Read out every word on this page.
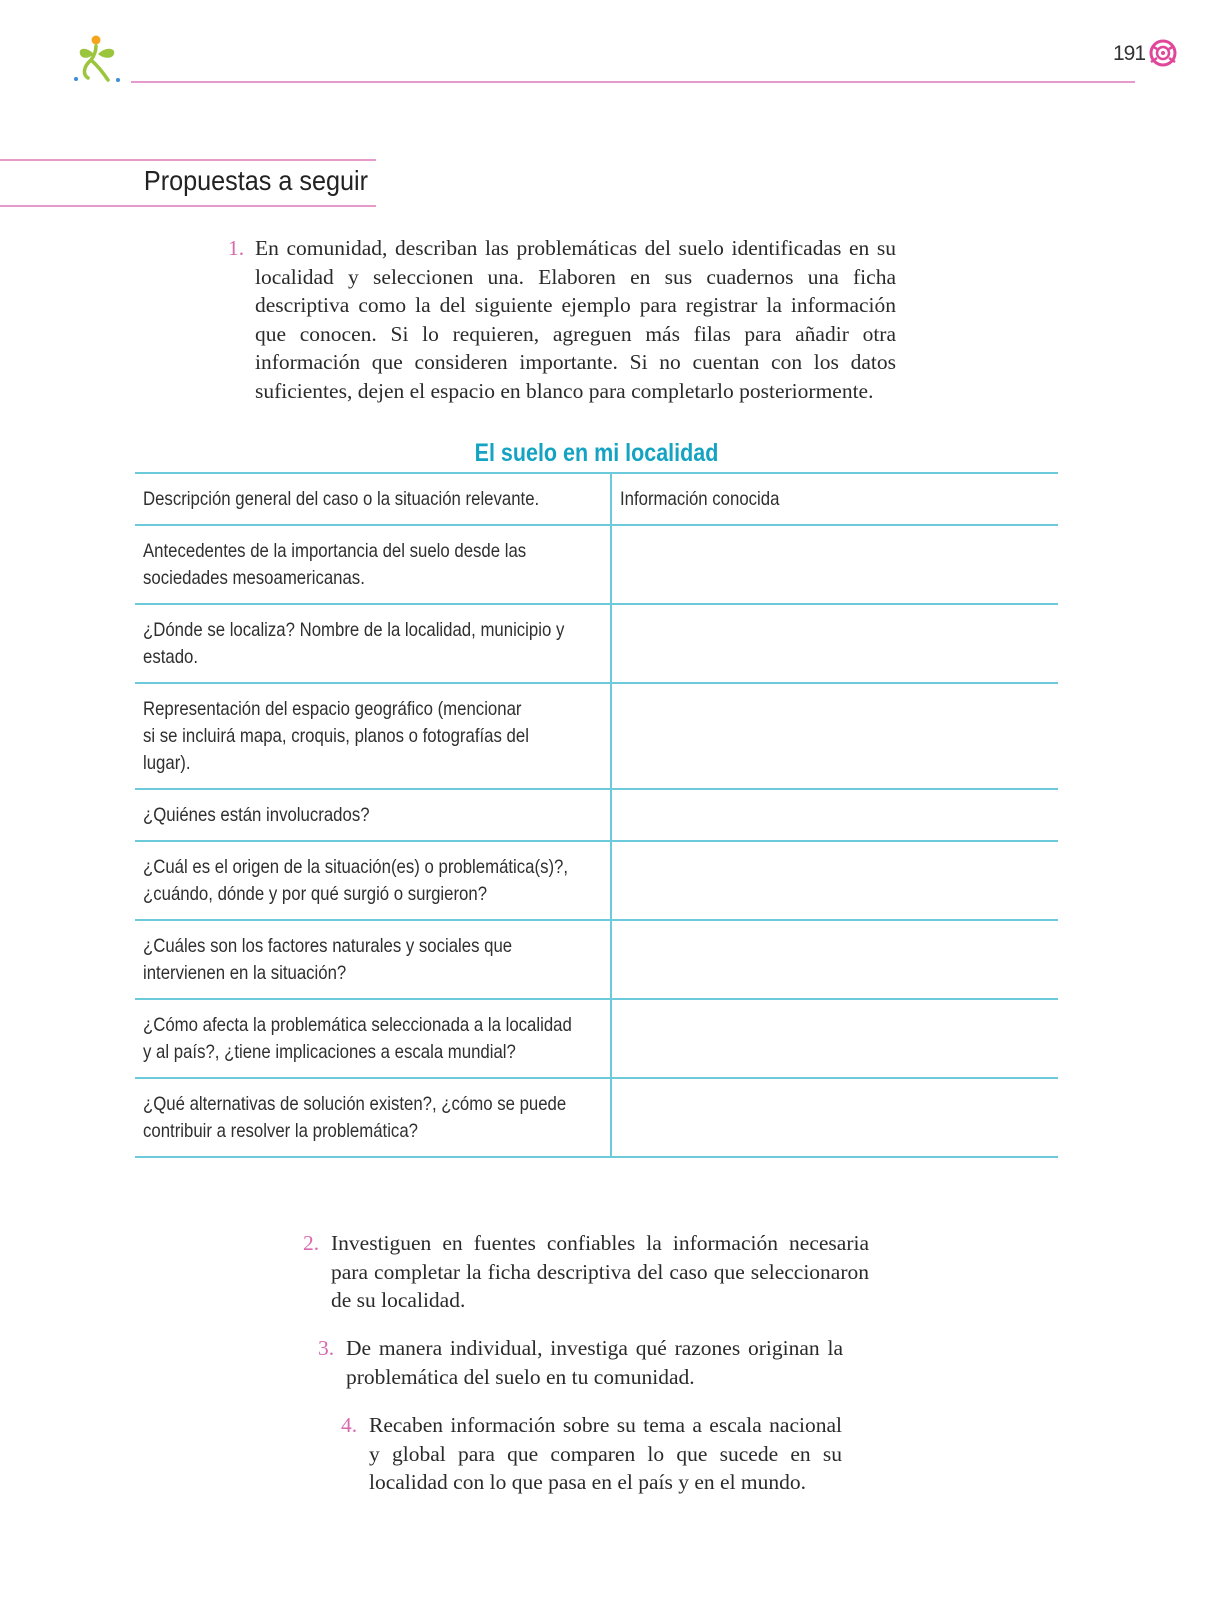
191
Propuestas a seguir
1. En comunidad, describan las problemáticas del suelo identificadas en su localidad y seleccionen una. Elaboren en sus cuadernos una ficha descriptiva como la del siguiente ejemplo para registrar la información que conocen. Si lo requieren, agreguen más filas para añadir otra información que consideren importante. Si no cuentan con los datos suficientes, dejen el espacio en blanco para completarlo posteriormente.
El suelo en mi localidad
Descripción general del caso o la situación relevante.	Información conocida
Antecedentes de la importancia del suelo desde las
sociedades mesoamericanas.	
¿Dónde se localiza? Nombre de la localidad, municipio y
estado.	
Representación del espacio geográfico (mencionar
si se incluirá mapa, croquis, planos o fotografías del
lugar).	
¿Quiénes están involucrados?	
¿Cuál es el origen de la situación(es) o problemática(s)?,
¿cuándo, dónde y por qué surgió o surgieron?	
¿Cuáles son los factores naturales y sociales que
intervienen en la situación?	
¿Cómo afecta la problemática seleccionada a la localidad
y al país?, ¿tiene implicaciones a escala mundial?	
¿Qué alternativas de solución existen?, ¿cómo se puede
contribuir a resolver la problemática?	
2. Investiguen en fuentes confiables la información necesaria para completar la ficha descriptiva del caso que seleccionaron de su localidad.
3. De manera individual, investiga qué razones originan la problemática del suelo en tu comunidad.
4. Recaben información sobre su tema a escala nacional y global para que comparen lo que sucede en su localidad con lo que pasa en el país y en el mundo.
